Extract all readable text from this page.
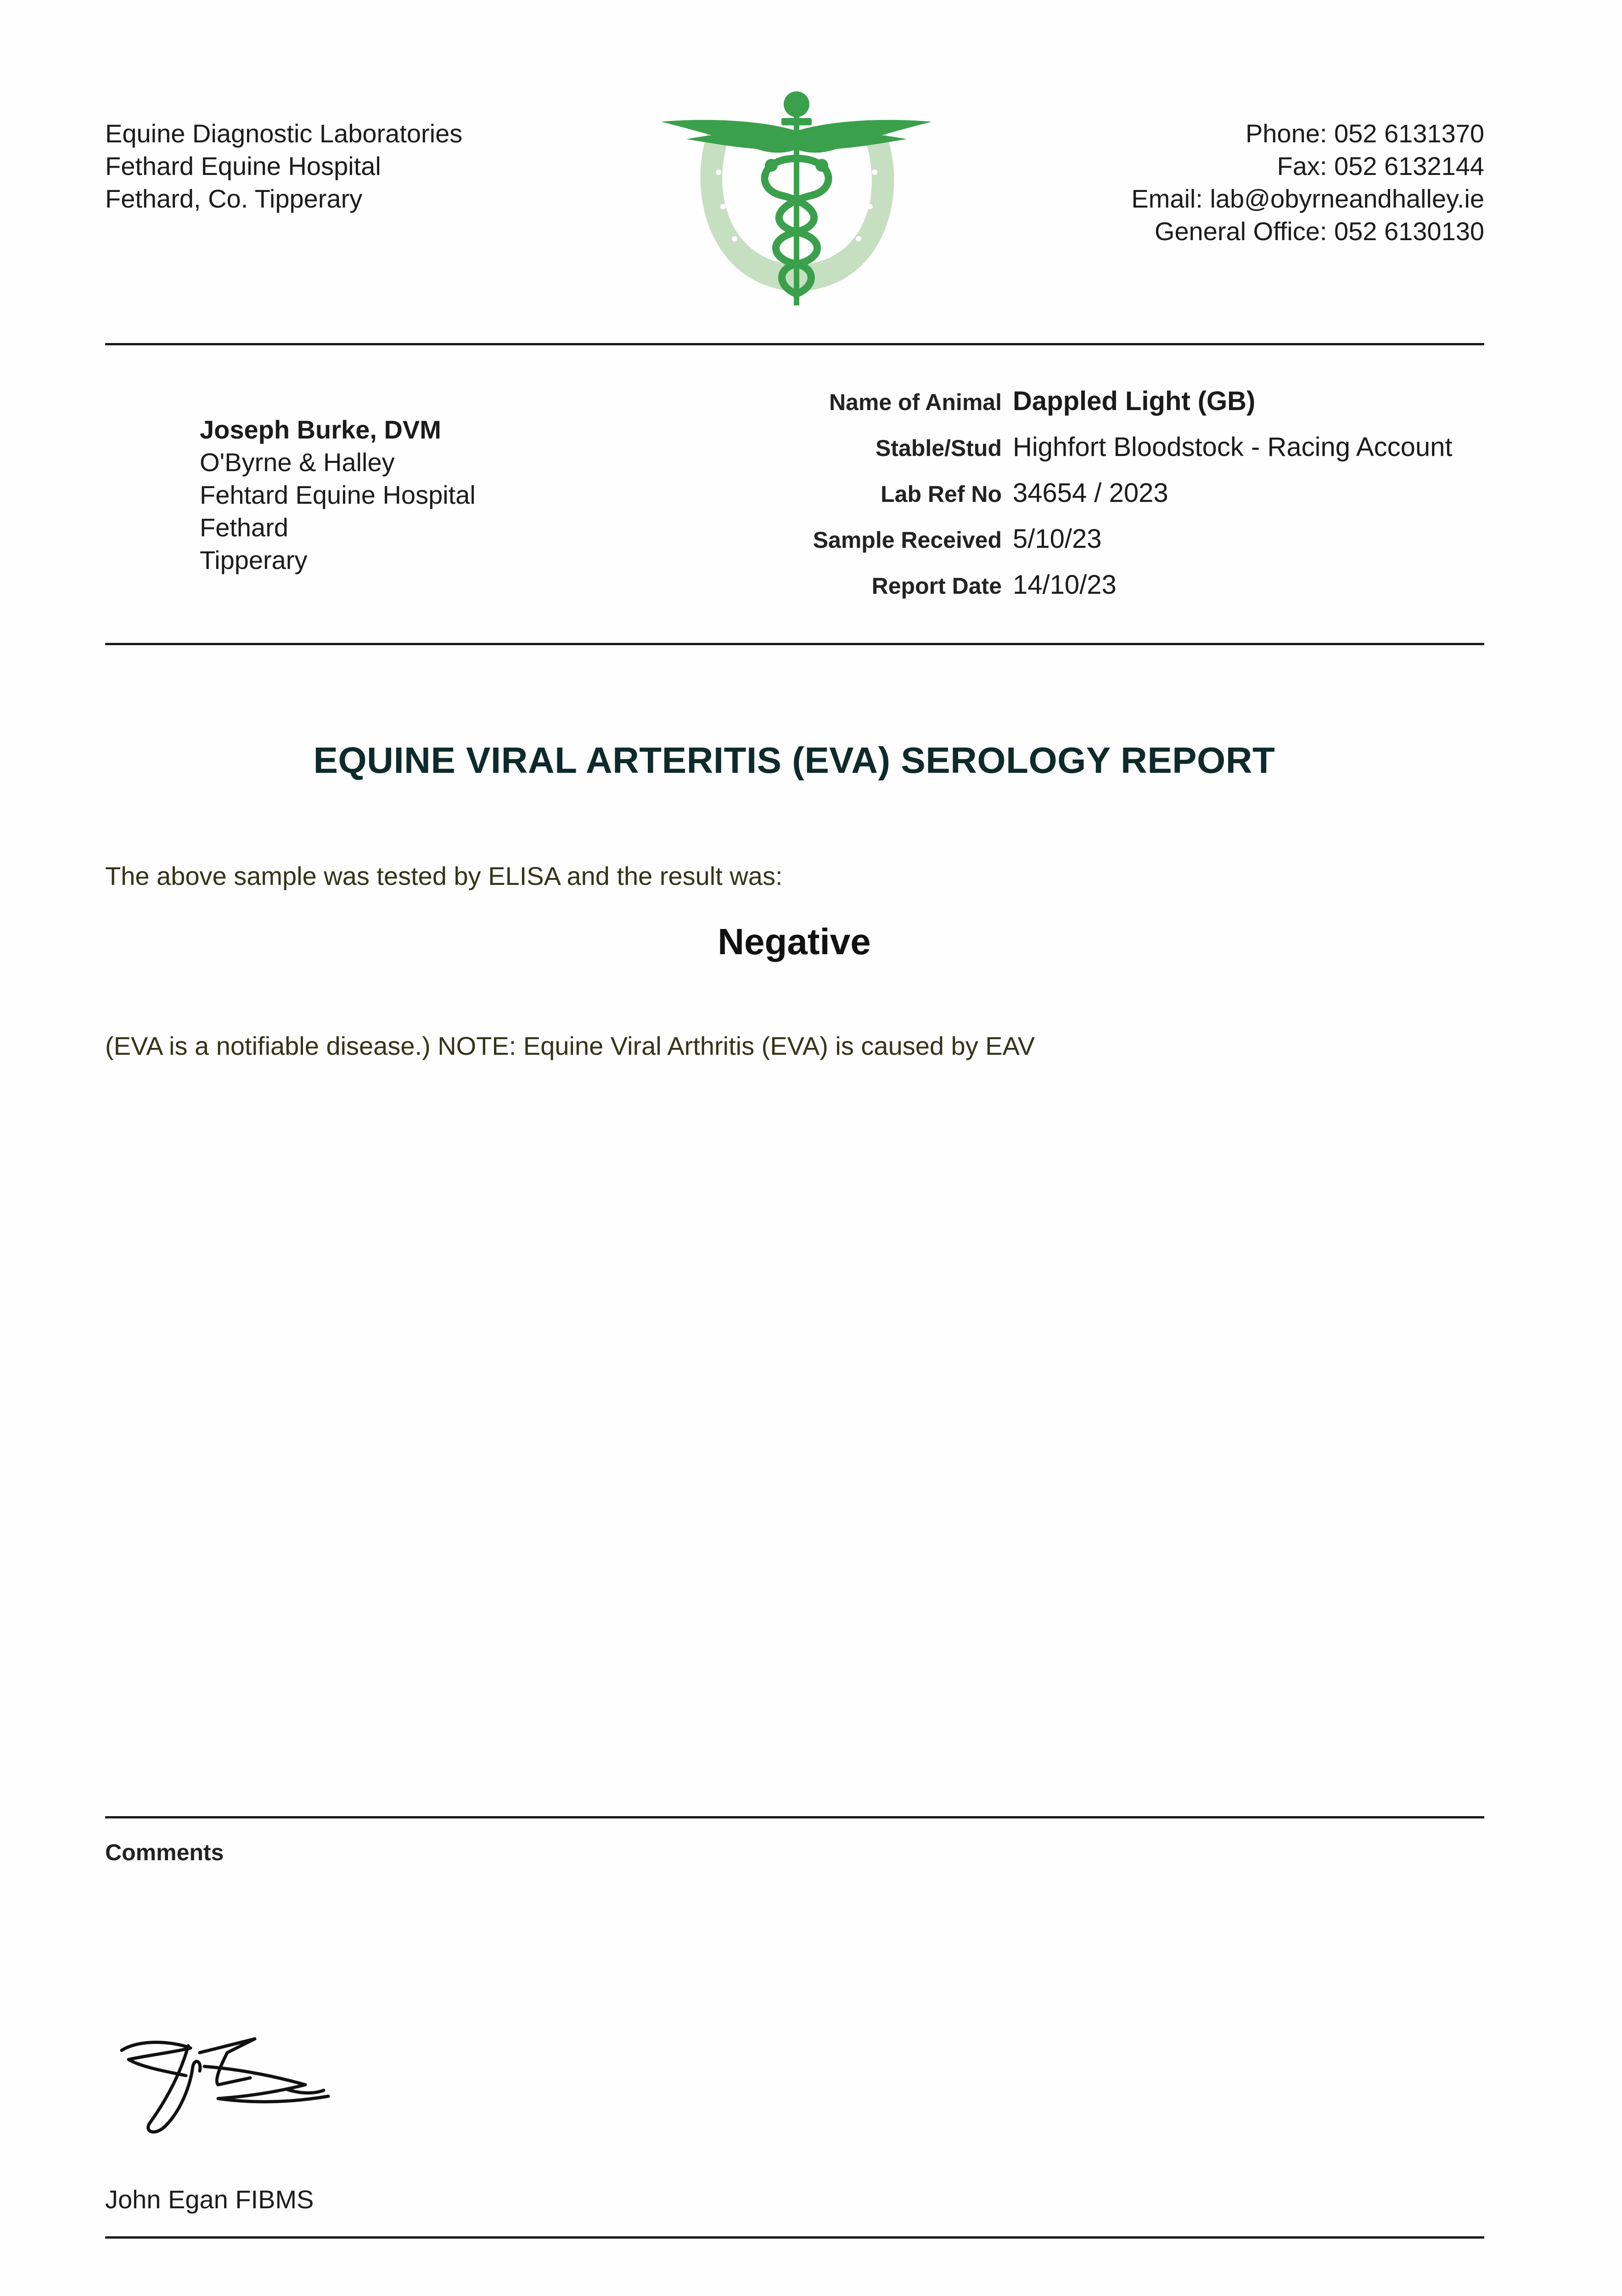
Equine Diagnostic Laboratories
Fethard Equine Hospital
Fethard, Co. Tipperary
Phone: 052 6131370
Fax: 052 6132144
Email: lab@obyrneandhalley.ie
General Office: 052 6130130
Joseph Burke, DVM
O'Byrne & Halley
Fehtard Equine Hospital
Fethard
Tipperary
Name of Animal Dappled Light (GB)
Stable/Stud Highfort Bloodstock - Racing Account
Lab Ref No 34654 / 2023
Sample Received 5/10/23
Report Date 14/10/23
EQUINE VIRAL ARTERITIS (EVA) SEROLOGY REPORT
The above sample was tested by ELISA and the result was:
Negative
(EVA is a notifiable disease.) NOTE: Equine Viral Arthritis (EVA) is caused by EAV
Comments
John Egan FIBMS
